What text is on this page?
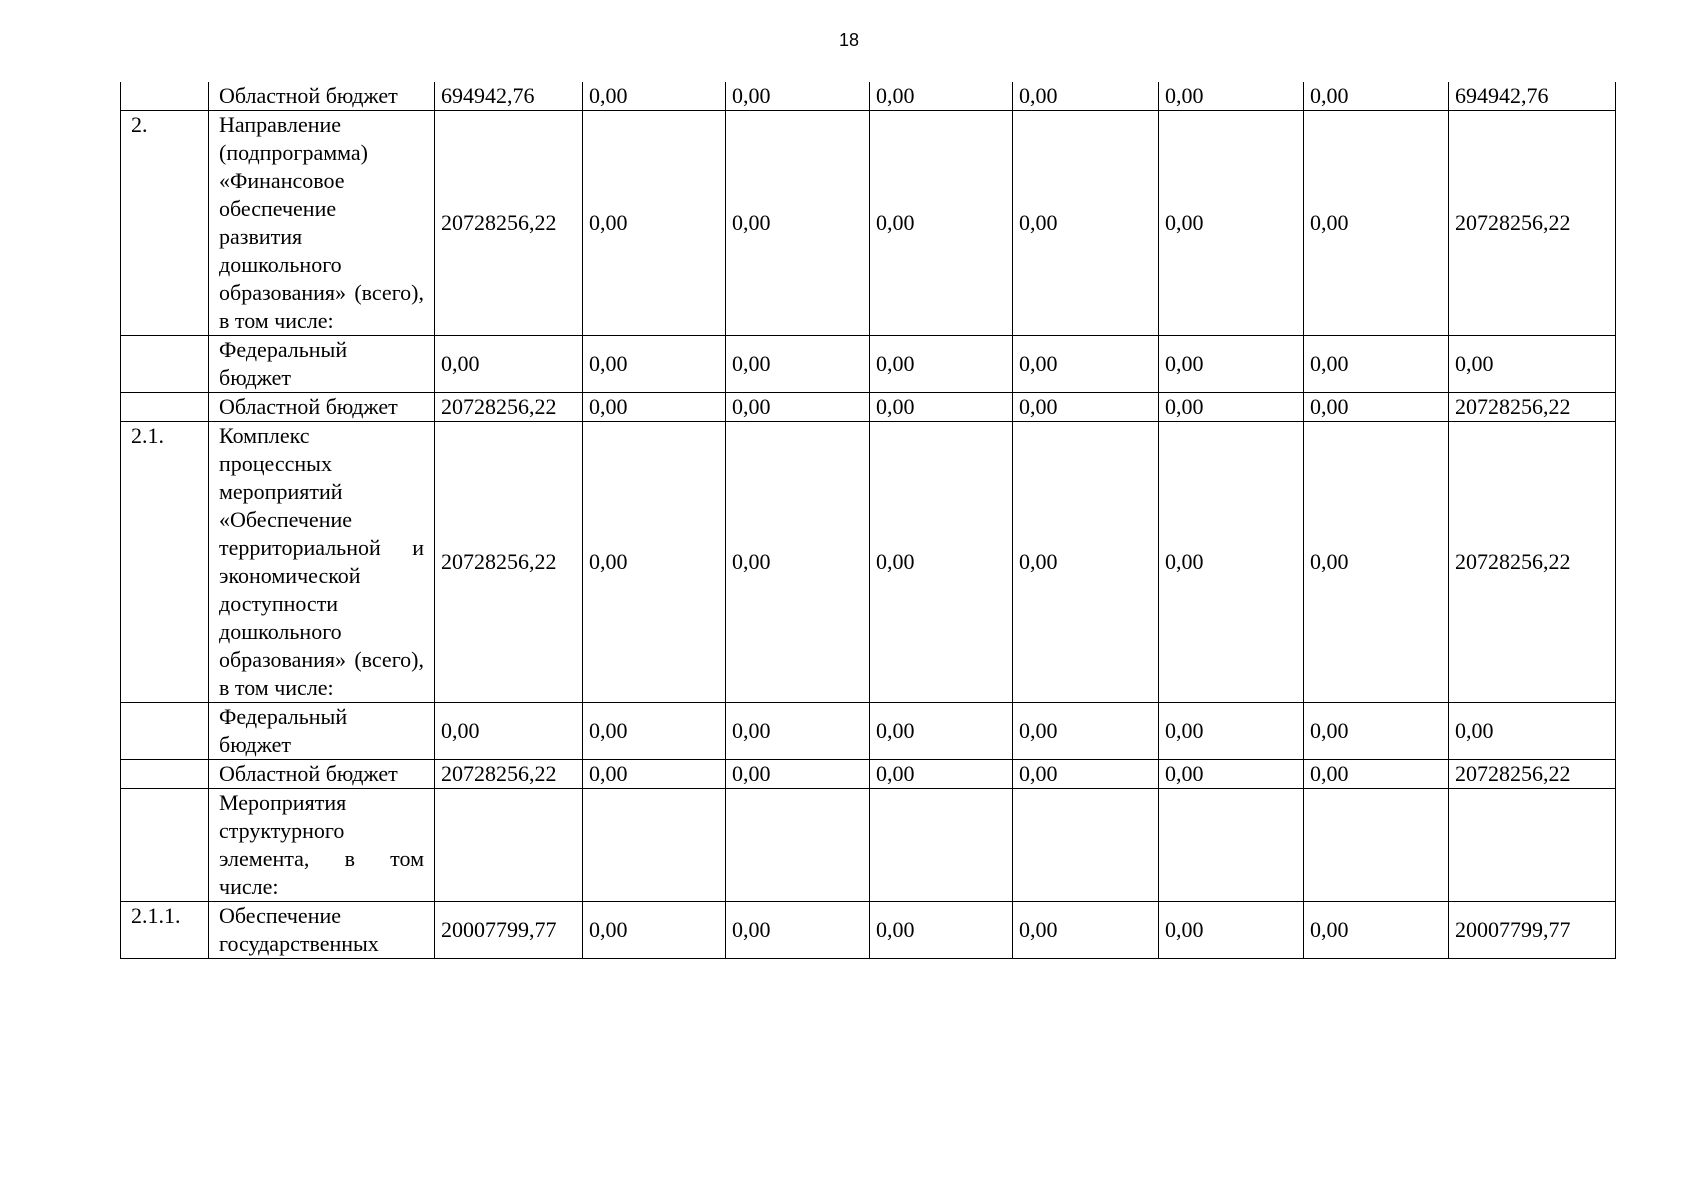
18
	Областной бюджет	694942,76	0,00	0,00	0,00	0,00	0,00	0,00	694942,76
2.	Направление (подпрограмма) «Финансовое обеспечение развития дошкольного образования» (всего), в том числе:	20728256,22	0,00	0,00	0,00	0,00	0,00	0,00	20728256,22
	Федеральный бюджет	0,00	0,00	0,00	0,00	0,00	0,00	0,00	0,00
	Областной бюджет	20728256,22	0,00	0,00	0,00	0,00	0,00	0,00	20728256,22
2.1.	Комплекс процессных мероприятий «Обеспечение территориальной и экономической доступности дошкольного образования» (всего), в том числе:	20728256,22	0,00	0,00	0,00	0,00	0,00	0,00	20728256,22
	Федеральный бюджет	0,00	0,00	0,00	0,00	0,00	0,00	0,00	0,00
	Областной бюджет	20728256,22	0,00	0,00	0,00	0,00	0,00	0,00	20728256,22
	Мероприятия структурного элемента, в том числе:								
2.1.1.	Обеспечение государственных	20007799,77	0,00	0,00	0,00	0,00	0,00	0,00	20007799,77
